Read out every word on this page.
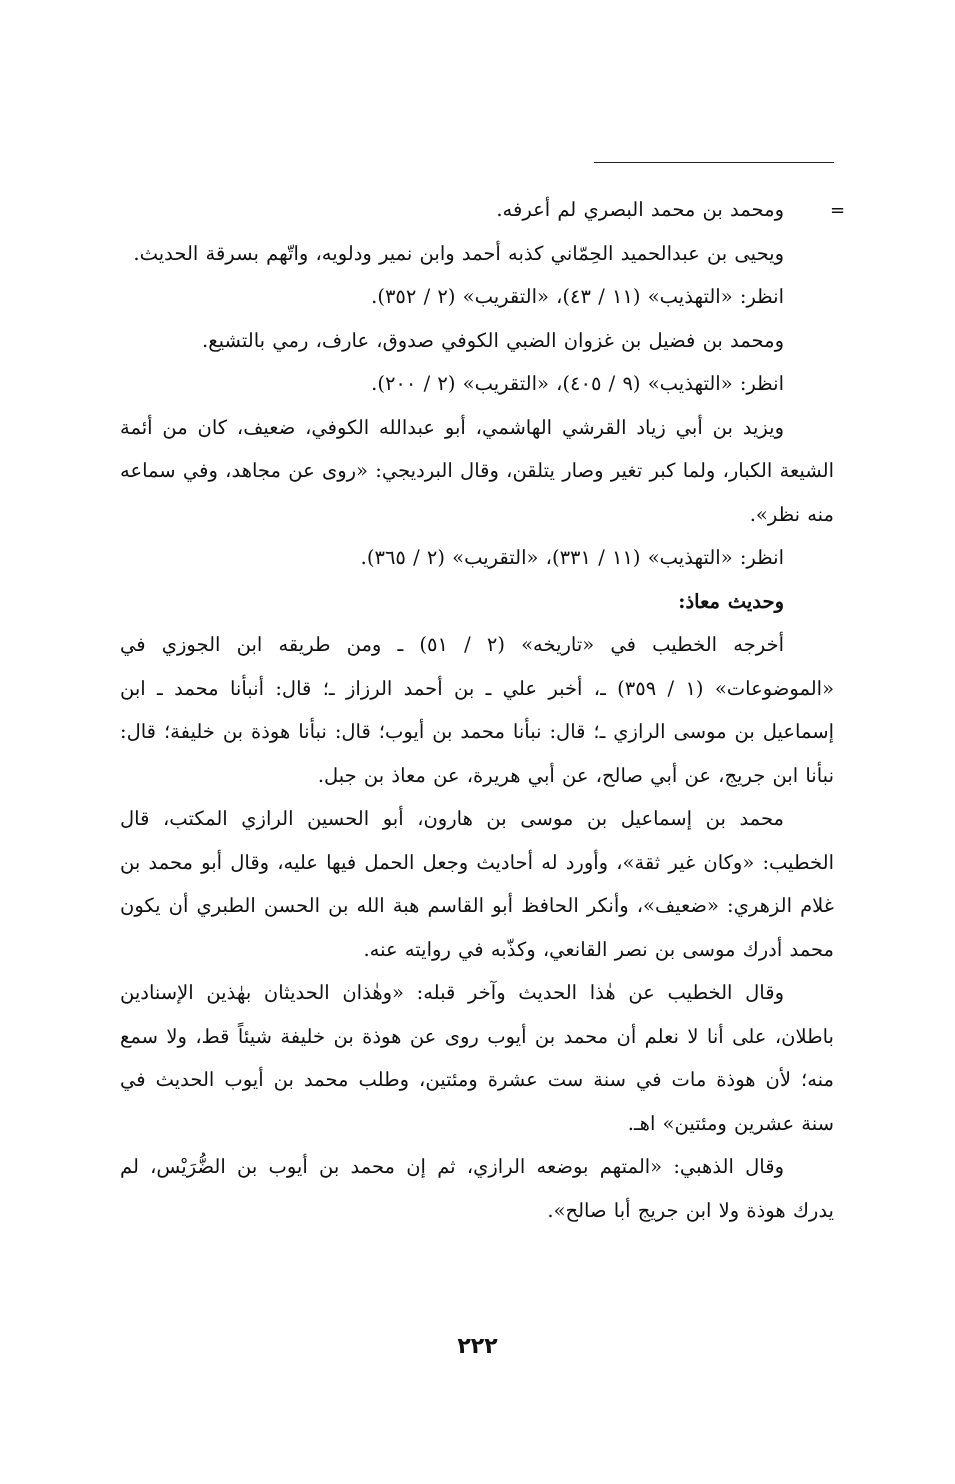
=

ومحمد بن محمد البصري لم أعرفه.

ويحيى بن عبدالحميد الحِمّاني كذبه أحمد وابن نمير ودلويه، واتّهم بسرقة الحديث.

انظر: «التهذيب» (١١ / ٤٣)، «التقريب» (٢ / ٣٥٢).

ومحمد بن فضيل بن غزوان الضبي الكوفي صدوق، عارف، رمي بالتشيع.

انظر: «التهذيب» (٩ / ٤٠٥)، «التقريب» (٢ / ٢٠٠).

ويزيد بن أبي زياد القرشي الهاشمي، أبو عبدالله الكوفي، ضعيف، كان من أئمة الشيعة الكبار، ولما كبر تغير وصار يتلقن، وقال البرديجي: «روى عن مجاهد، وفي سماعه منه نظر».

انظر: «التهذيب» (١١ / ٣٣١)، «التقريب» (٢ / ٣٦٥).

وحديث معاذ:

أخرجه الخطيب في «تاريخه» (٢ / ٥١) ـ ومن طريقه ابن الجوزي في «الموضوعات» (١ / ٣٥٩) ـ، أخبر علي ـ بن أحمد الرزاز ـ؛ قال: أنبأنا محمد ـ ابن إسماعيل بن موسى الرازي ـ؛ قال: نبأنا محمد بن أيوب؛ قال: نبأنا هوذة بن خليفة؛ قال: نبأنا ابن جريج، عن أبي صالح، عن أبي هريرة، عن معاذ بن جبل.

محمد بن إسماعيل بن موسى بن هارون، أبو الحسين الرازي المكتب، قال الخطيب: «وكان غير ثقة»، وأورد له أحاديث وجعل الحمل فيها عليه، وقال أبو محمد بن غلام الزهري: «ضعيف»، وأنكر الحافظ أبو القاسم هبة الله بن الحسن الطبري أن يكون محمد أدرك موسى بن نصر القانعي، وكذّبه في روايته عنه.

وقال الخطيب عن هٰذا الحديث وآخر قبله: «وهٰذان الحديثان بهٰذين الإسنادين باطلان، على أنا لا نعلم أن محمد بن أيوب روى عن هوذة بن خليفة شيئاً قط، ولا سمع منه؛ لأن هوذة مات في سنة ست عشرة ومئتين، وطلب محمد بن أيوب الحديث في سنة عشرين ومئتين» اهـ.

وقال الذهبي: «المتهم بوضعه الرازي، ثم إن محمد بن أيوب بن الضُّرَيْس، لم يدرك هوذة ولا ابن جريج أبا صالح».

٢٢٢
